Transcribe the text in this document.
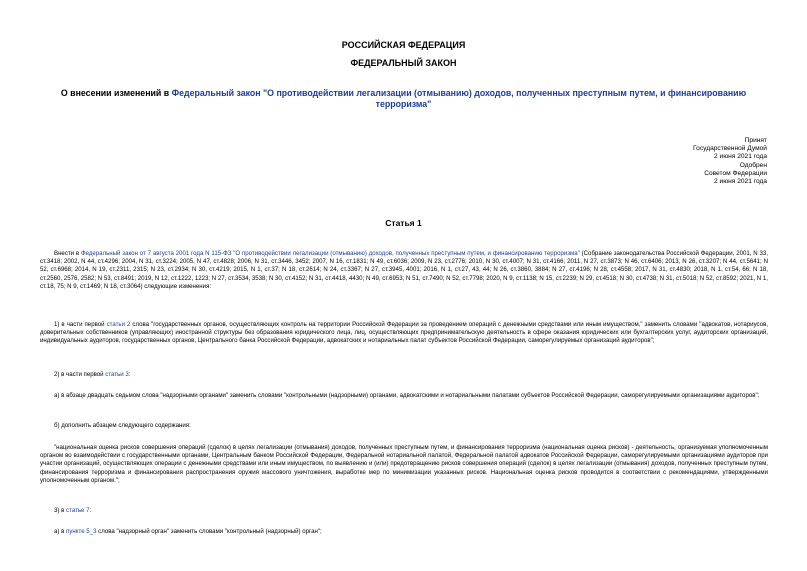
РОССИЙСКАЯ ФЕДЕРАЦИЯ
ФЕДЕРАЛЬНЫЙ ЗАКОН
О внесении изменений в Федеральный закон "О противодействии легализации (отмыванию) доходов, полученных преступным путем, и финансированию терроризма"
Принят
Государственной Думой
2 июня 2021 года
Одобрен
Советом Федерации
2 июня 2021 года
Статья 1
Внести в Федеральный закон от 7 августа 2001 года N 115-ФЗ "О противодействии легализации (отмыванию) доходов, полученных преступным путем, и финансированию терроризма" (Собрание законодательства Российской Федерации, 2001, N 33, ст.3418; 2002, N 44, ст.4296; 2004, N 31, ст.3224; 2005, N 47, ст.4828; 2006, N 31, ст.3446, 3452; 2007, N 16, ст.1831; N 49, ст.6036; 2009, N 23, ст.2776; 2010, N 30, ст.4007; N 31, ст.4166; 2011, N 27, ст.3873; N 46, ст.6406; 2013, N 26, ст.3207; N 44, ст.5641; N 52, ст.6968; 2014, N 19, ст.2311, 2315; N 23, ст.2934; N 30, ст.4219; 2015, N 1, ст.37; N 18, ст.2614; N 24, ст.3367; N 27, ст.3945, 4001; 2016, N 1, ст.27, 43, 44; N 26, ст.3860, 3884; N 27, ст.4196; N 28, ст.4558; 2017, N 31, ст.4830; 2018, N 1, ст.54, 66; N 18, ст.2560, 2576, 2582; N 53, ст.8491; 2019, N 12, ст.1222, 1223; N 27, ст.3534, 3538; N 30, ст.4152; N 31, ст.4418, 4430; N 49, ст.6953; N 51, ст.7490; N 52, ст.7798; 2020, N 9, ст.1138; N 15, ст.2239; N 29, ст.4518; N 30, ст.4738; N 31, ст.5018; N 52, ст.8592; 2021, N 1, ст.18, 75; N 9, ст.1469; N 18, ст.3064) следующие изменения:
1) в части первой статьи 2 слова "государственных органов, осуществляющих контроль на территории Российской Федерации за проведением операций с денежными средствами или иным имуществом," заменить словами "адвокатов, нотариусов, доверительных собственников (управляющих) иностранной структуры без образования юридического лица, лиц, осуществляющих предпринимательскую деятельность в сфере оказания юридических или бухгалтерских услуг, аудиторских организаций, индивидуальных аудиторов, государственных органов, Центрального банка Российской Федерации, адвокатских и нотариальных палат субъектов Российской Федерации, саморегулируемых организаций аудиторов";
2) в части первой статьи 3:
а) в абзаце двадцать седьмом слова "надзорными органами" заменить словами "контрольными (надзорными) органами, адвокатскими и нотариальными палатами субъектов Российской Федерации, саморегулируемыми организациями аудиторов";
б) дополнить абзацем следующего содержания:
"национальная оценка рисков совершения операций (сделок) в целях легализации (отмывания) доходов, полученных преступным путем, и финансирования терроризма (национальная оценка рисков) - деятельность, организуемая уполномоченным органом во взаимодействии с государственными органами, Центральным банком Российской Федерации, Федеральной нотариальной палатой, Федеральной палатой адвокатов Российской Федерации, саморегулируемыми организациями аудиторов при участии организаций, осуществляющих операции с денежными средствами или иным имуществом, по выявлению и (или) предотвращению рисков совершения операций (сделок) в целях легализации (отмывания) доходов, полученных преступным путем, финансирования терроризма и финансирования распространения оружия массового уничтожения, выработке мер по минимизации указанных рисков. Национальная оценка рисков проводится в соответствии с рекомендациями, утвержденными уполномоченным органом.";
3) в статье 7:
а) в пункте 5_3 слова "надзорный орган" заменить словами "контрольный (надзорный) орган";
